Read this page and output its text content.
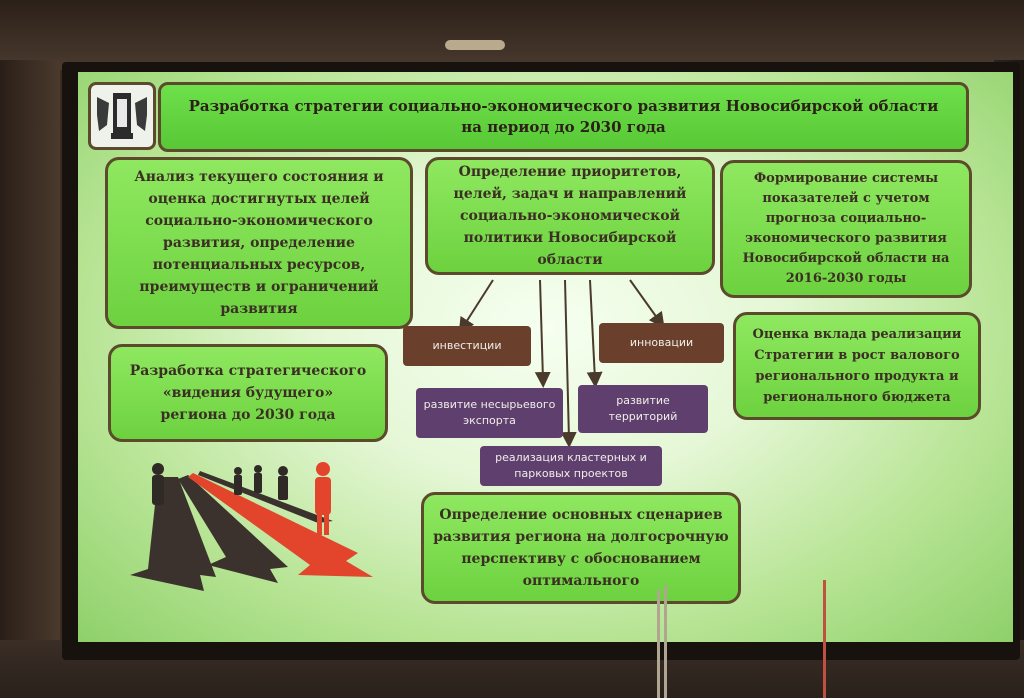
Разработка стратегии социально-экономического развития Новосибирской области
на период до 2030 года
Анализ текущего состояния и
оценка достигнутых целей
социально-экономического
развития, определение
потенциальных ресурсов,
преимуществ и ограничений
развития
Определение приоритетов,
целей, задач и направлений
социально-экономической
политики Новосибирской
области
Формирование системы
показателей с учетом
прогноза социально-
экономического развития
Новосибирской области на
2016-2030 годы
Разработка стратегического
«видения будущего»
региона до 2030 года
Оценка вклада реализации
Стратегии в рост валового
регионального продукта и
регионального бюджета
Определение основных сценариев
развития региона на долгосрочную
перспективу с обоснованием
оптимального
инвестиции	инновации
развитие несырьевого
экспорта
развитие
территорий
реализация кластерных и
парковых проектов
